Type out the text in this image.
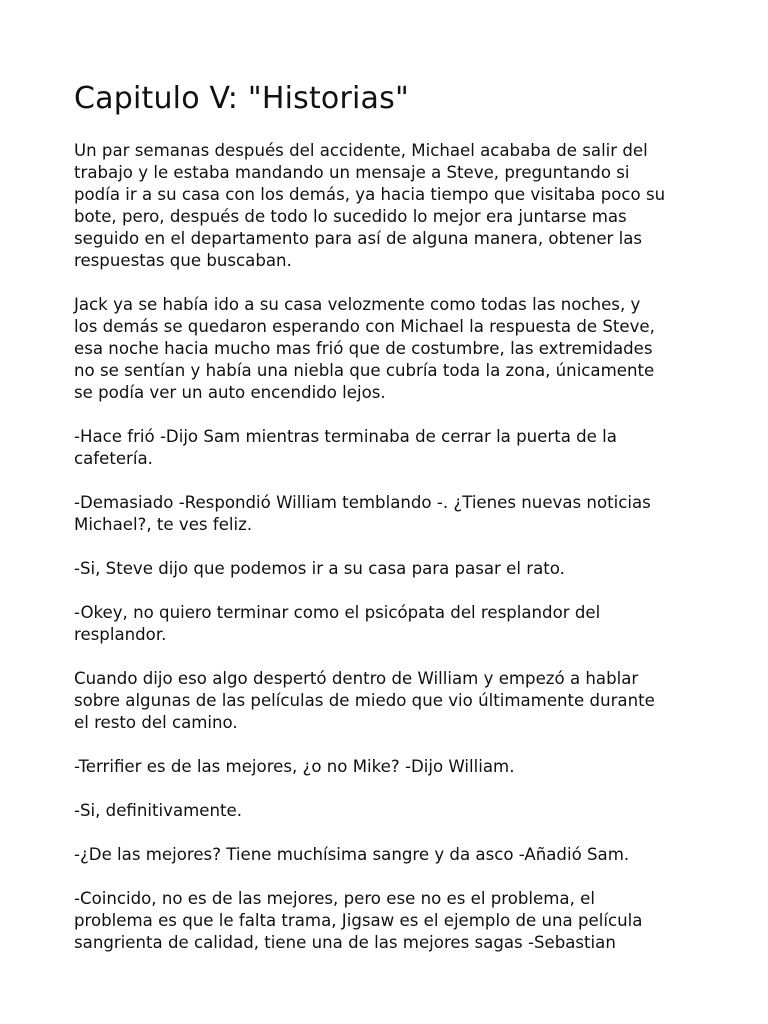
Capitulo V: "Historias"
Un par semanas después del accidente, Michael acababa de salir del
trabajo y le estaba mandando un mensaje a Steve, preguntando si
podía ir a su casa con los demás, ya hacia tiempo que visitaba poco su
bote, pero, después de todo lo sucedido lo mejor era juntarse mas
seguido en el departamento para así de alguna manera, obtener las
respuestas que buscaban.
Jack ya se había ido a su casa velozmente como todas las noches, y
los demás se quedaron esperando con Michael la respuesta de Steve,
esa noche hacia mucho mas frió que de costumbre, las extremidades
no se sentían y había una niebla que cubría toda la zona, únicamente
se podía ver un auto encendido lejos.
-Hace frió -Dijo Sam mientras terminaba de cerrar la puerta de la
cafetería.
-Demasiado -Respondió William temblando -. ¿Tienes nuevas noticias
Michael?, te ves feliz.
-Si, Steve dijo que podemos ir a su casa para pasar el rato.
-Okey, no quiero terminar como el psicópata del resplandor del
resplandor.
Cuando dijo eso algo despertó dentro de William y empezó a hablar
sobre algunas de las películas de miedo que vio últimamente durante
el resto del camino.
-Terrifier es de las mejores, ¿o no Mike? -Dijo William.
-Si, definitivamente.
-¿De las mejores? Tiene muchísima sangre y da asco -Añadió Sam.
-Coincido, no es de las mejores, pero ese no es el problema, el
problema es que le falta trama, Jigsaw es el ejemplo de una película
sangrienta de calidad, tiene una de las mejores sagas -Sebastian
